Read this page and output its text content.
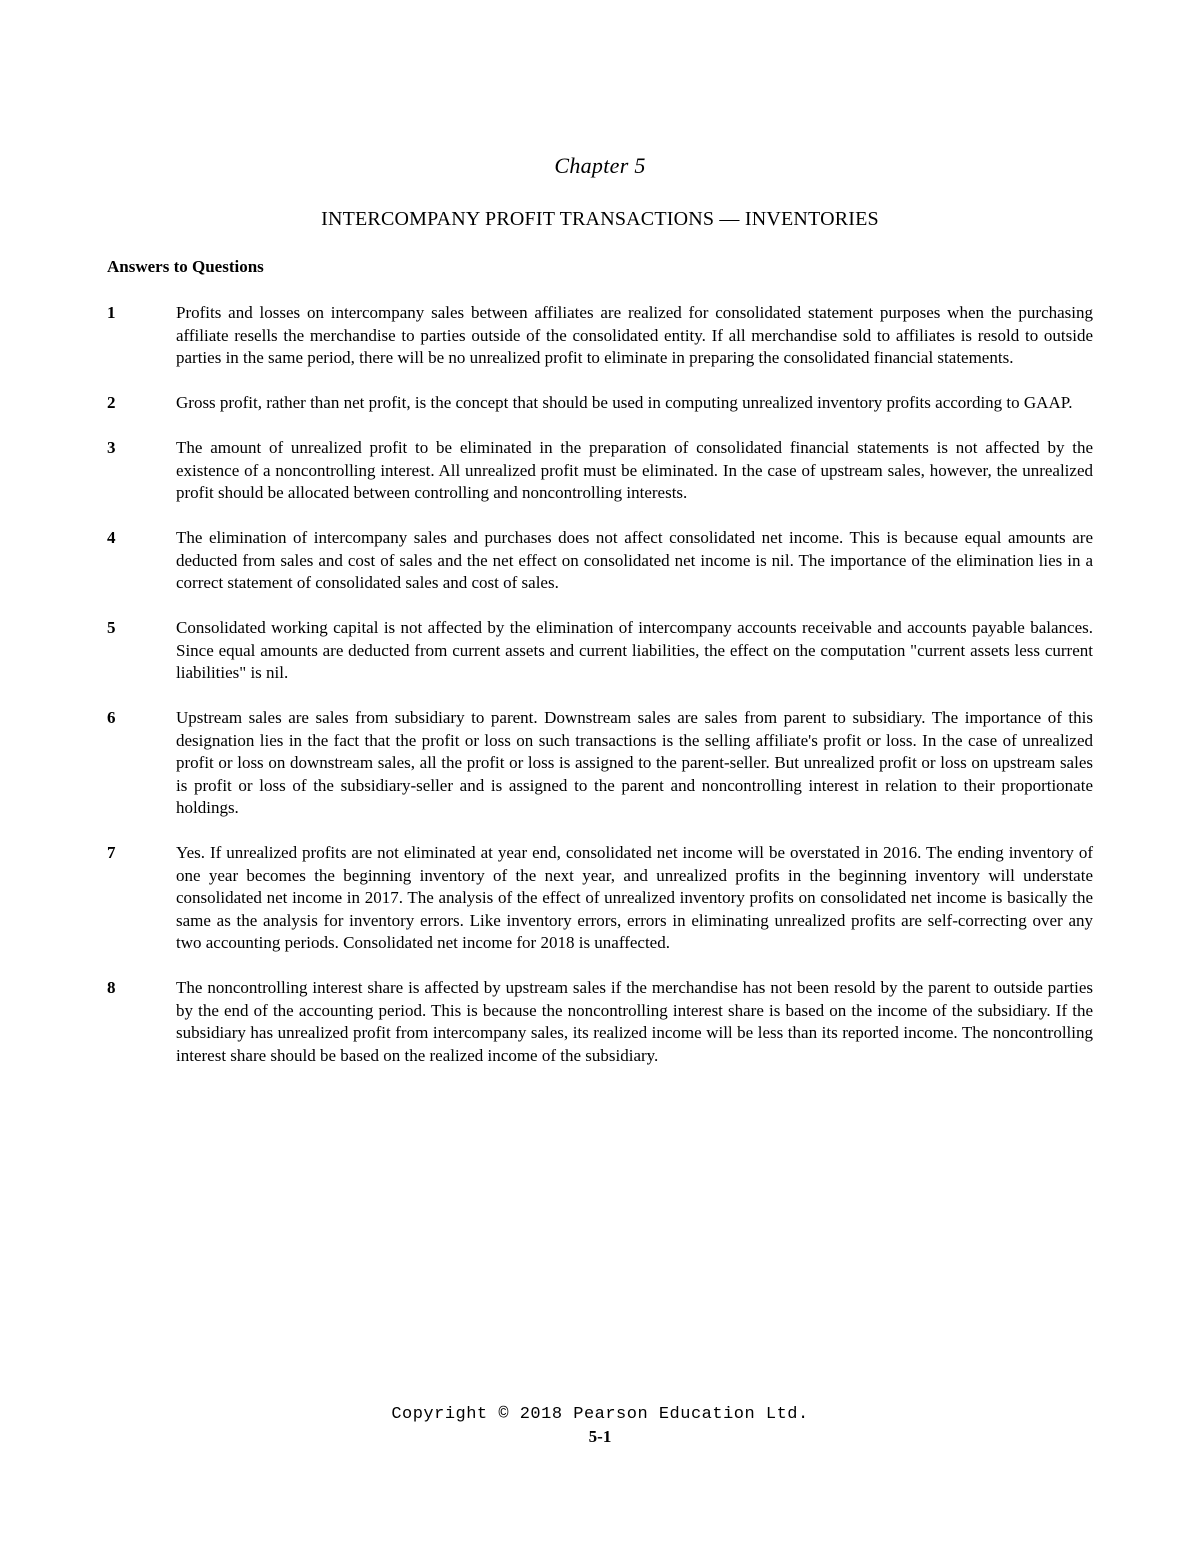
Chapter 5
INTERCOMPANY PROFIT TRANSACTIONS — INVENTORIES
Answers to Questions
1	Profits and losses on intercompany sales between affiliates are realized for consolidated statement purposes when the purchasing affiliate resells the merchandise to parties outside of the consolidated entity. If all merchandise sold to affiliates is resold to outside parties in the same period, there will be no unrealized profit to eliminate in preparing the consolidated financial statements.
2	Gross profit, rather than net profit, is the concept that should be used in computing unrealized inventory profits according to GAAP.
3	The amount of unrealized profit to be eliminated in the preparation of consolidated financial statements is not affected by the existence of a noncontrolling interest. All unrealized profit must be eliminated. In the case of upstream sales, however, the unrealized profit should be allocated between controlling and noncontrolling interests.
4	The elimination of intercompany sales and purchases does not affect consolidated net income. This is because equal amounts are deducted from sales and cost of sales and the net effect on consolidated net income is nil. The importance of the elimination lies in a correct statement of consolidated sales and cost of sales.
5	Consolidated working capital is not affected by the elimination of intercompany accounts receivable and accounts payable balances. Since equal amounts are deducted from current assets and current liabilities, the effect on the computation "current assets less current liabilities" is nil.
6	Upstream sales are sales from subsidiary to parent. Downstream sales are sales from parent to subsidiary. The importance of this designation lies in the fact that the profit or loss on such transactions is the selling affiliate's profit or loss. In the case of unrealized profit or loss on downstream sales, all the profit or loss is assigned to the parent-seller. But unrealized profit or loss on upstream sales is profit or loss of the subsidiary-seller and is assigned to the parent and noncontrolling interest in relation to their proportionate holdings.
7	Yes. If unrealized profits are not eliminated at year end, consolidated net income will be overstated in 2016. The ending inventory of one year becomes the beginning inventory of the next year, and unrealized profits in the beginning inventory will understate consolidated net income in 2017. The analysis of the effect of unrealized inventory profits on consolidated net income is basically the same as the analysis for inventory errors. Like inventory errors, errors in eliminating unrealized profits are self-correcting over any two accounting periods. Consolidated net income for 2018 is unaffected.
8	The noncontrolling interest share is affected by upstream sales if the merchandise has not been resold by the parent to outside parties by the end of the accounting period. This is because the noncontrolling interest share is based on the income of the subsidiary. If the subsidiary has unrealized profit from intercompany sales, its realized income will be less than its reported income. The noncontrolling interest share should be based on the realized income of the subsidiary.
Copyright © 2018 Pearson Education Ltd.
5-1
